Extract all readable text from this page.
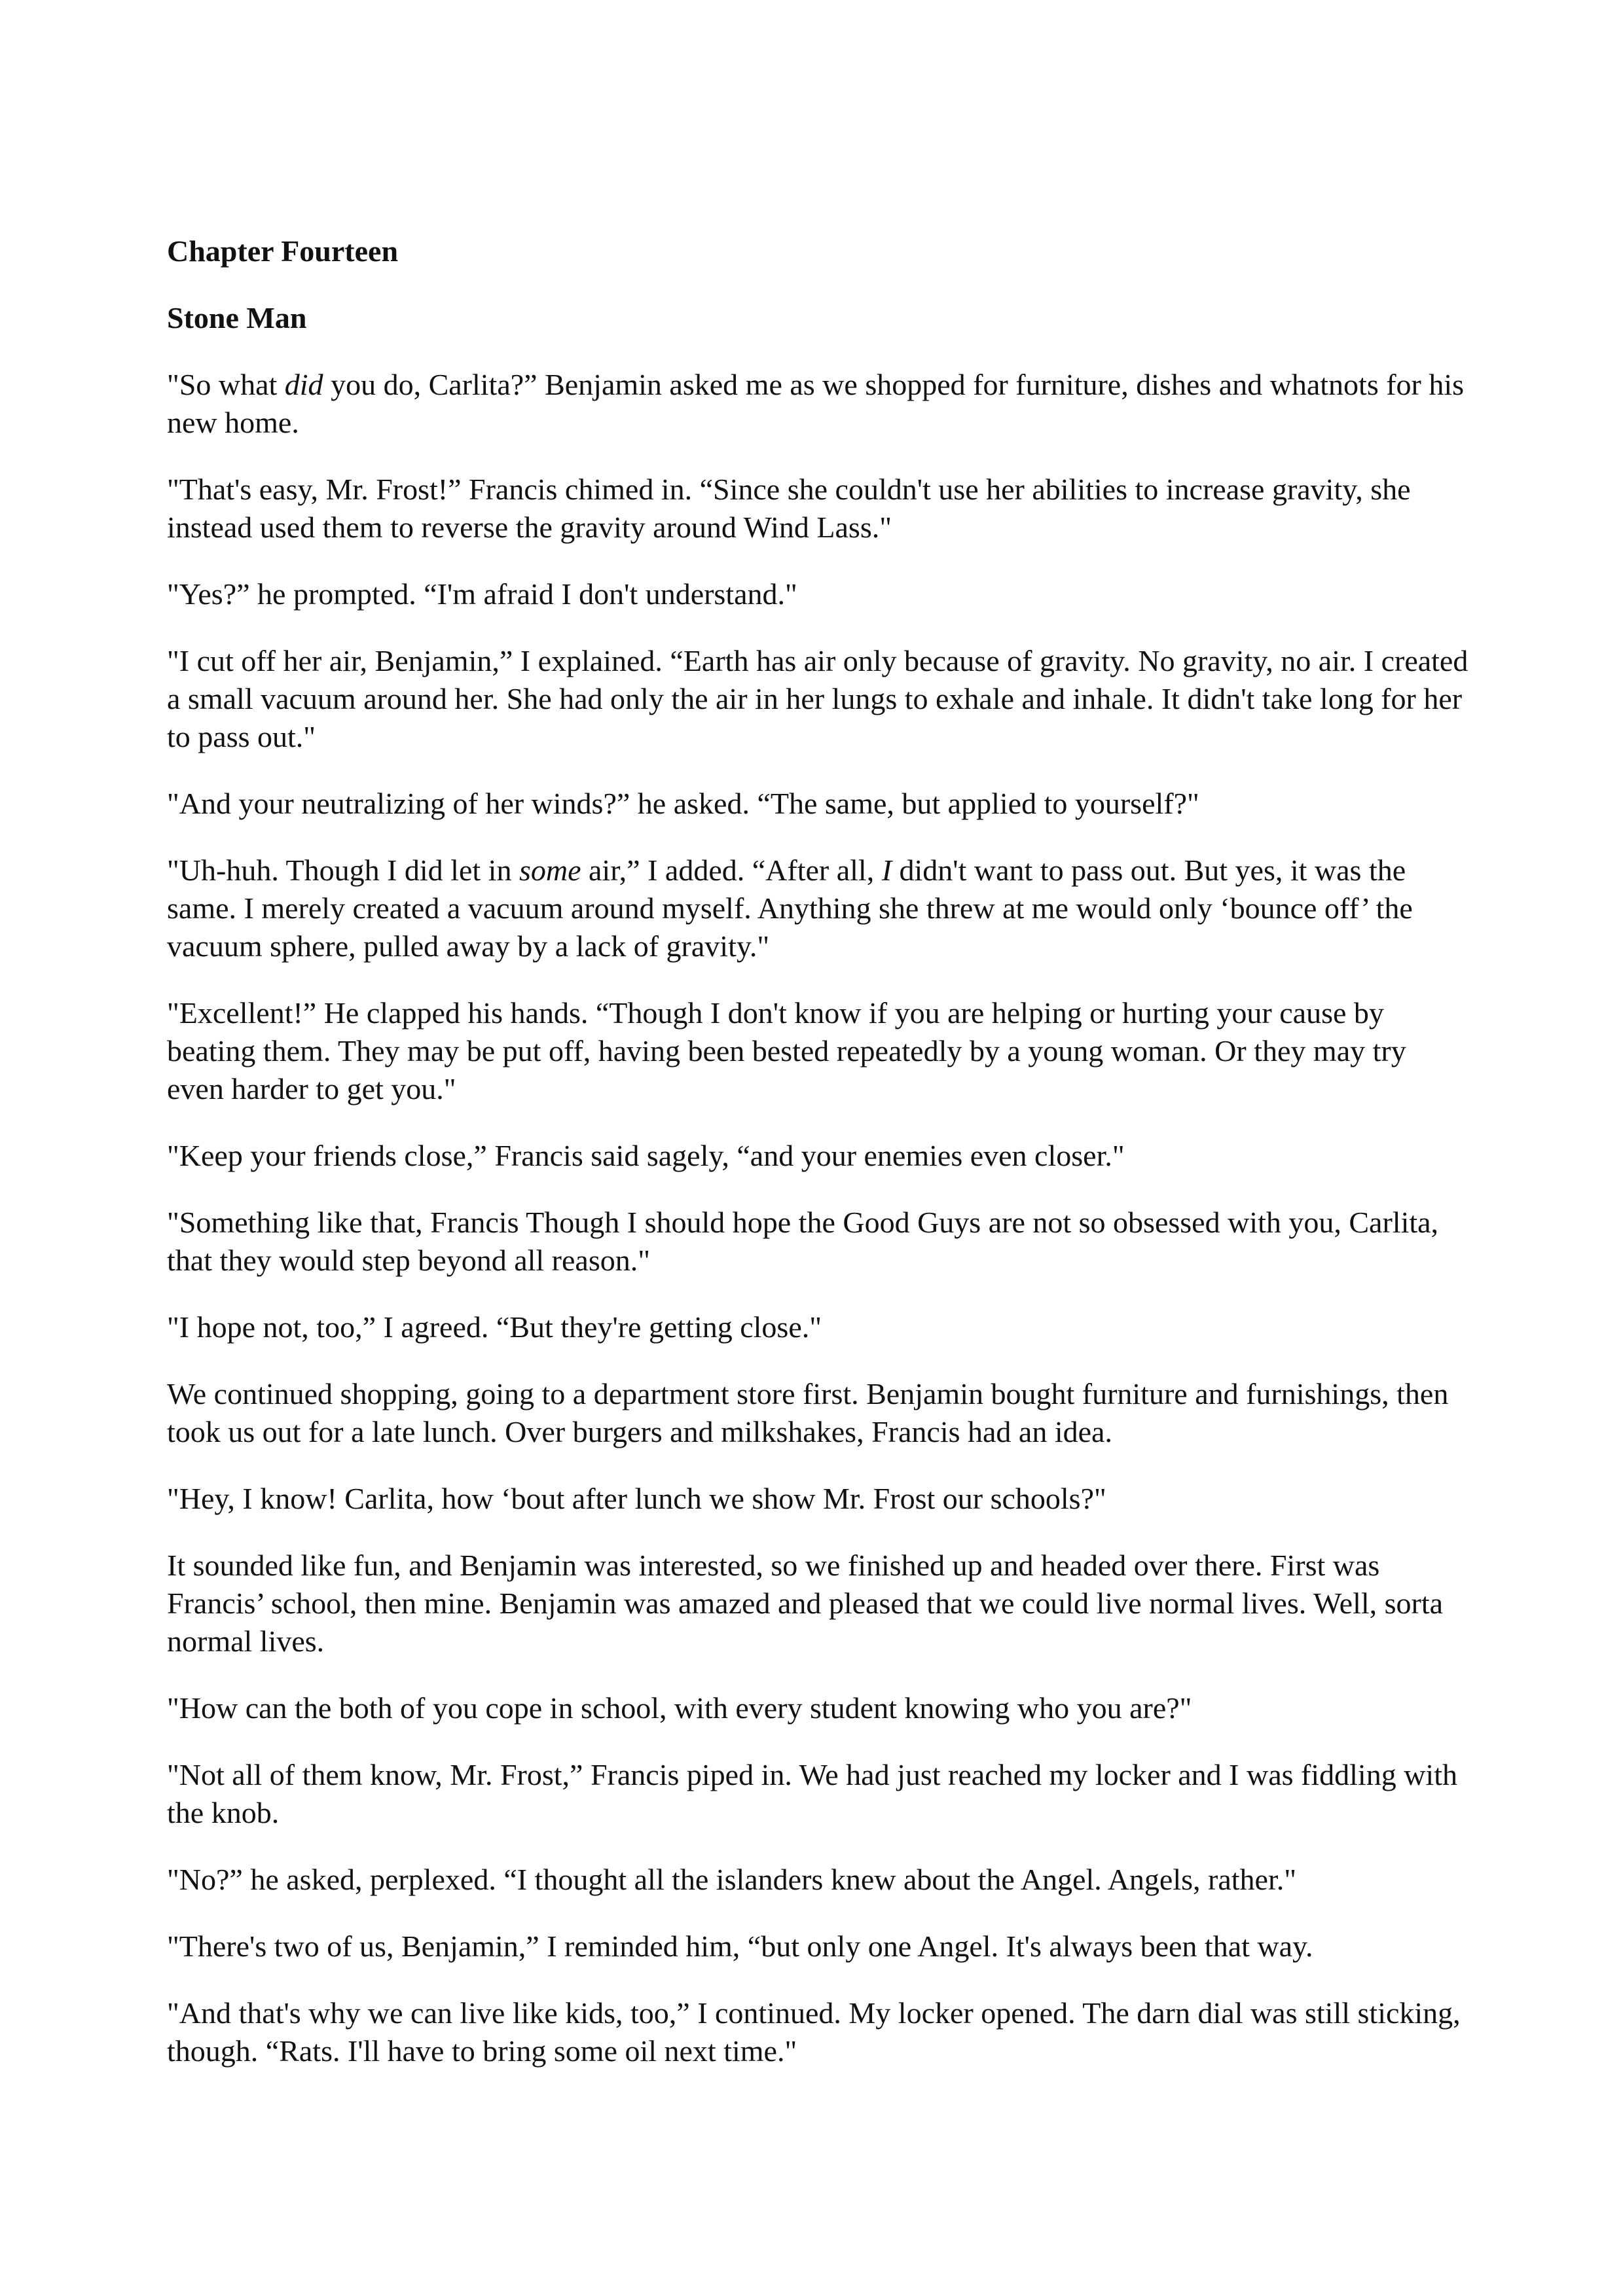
Chapter Fourteen
Stone Man

"So what did you do, Carlita?” Benjamin asked me as we shopped for furniture, dishes and whatnots for his new home.

"That's easy, Mr. Frost!” Francis chimed in. “Since she couldn't use her abilities to increase gravity, she instead used them to reverse the gravity around Wind Lass."

"Yes?” he prompted. “I'm afraid I don't understand."

"I cut off her air, Benjamin,” I explained. “Earth has air only because of gravity. No gravity, no air. I created a small vacuum around her. She had only the air in her lungs to exhale and inhale. It didn't take long for her to pass out."

"And your neutralizing of her winds?” he asked. “The same, but applied to yourself?"

"Uh-huh. Though I did let in some air,” I added. “After all, I didn't want to pass out. But yes, it was the same. I merely created a vacuum around myself. Anything she threw at me would only ‘bounce off’ the vacuum sphere, pulled away by a lack of gravity."

"Excellent!” He clapped his hands. “Though I don't know if you are helping or hurting your cause by beating them. They may be put off, having been bested repeatedly by a young woman. Or they may try even harder to get you."

"Keep your friends close,” Francis said sagely, “and your enemies even closer."

"Something like that, Francis Though I should hope the Good Guys are not so obsessed with you, Carlita, that they would step beyond all reason."

"I hope not, too,” I agreed. “But they're getting close."

We continued shopping, going to a department store first. Benjamin bought furniture and furnishings, then took us out for a late lunch. Over burgers and milkshakes, Francis had an idea.

"Hey, I know! Carlita, how ‘bout after lunch we show Mr. Frost our schools?"

It sounded like fun, and Benjamin was interested, so we finished up and headed over there. First was Francis’ school, then mine. Benjamin was amazed and pleased that we could live normal lives. Well, sorta normal lives.

"How can the both of you cope in school, with every student knowing who you are?"

"Not all of them know, Mr. Frost,” Francis piped in. We had just reached my locker and I was fiddling with the knob.

"No?” he asked, perplexed. “I thought all the islanders knew about the Angel. Angels, rather."

"There's two of us, Benjamin,” I reminded him, “but only one Angel. It's always been that way.

"And that's why we can live like kids, too,” I continued. My locker opened. The darn dial was still sticking, though. “Rats. I'll have to bring some oil next time."
